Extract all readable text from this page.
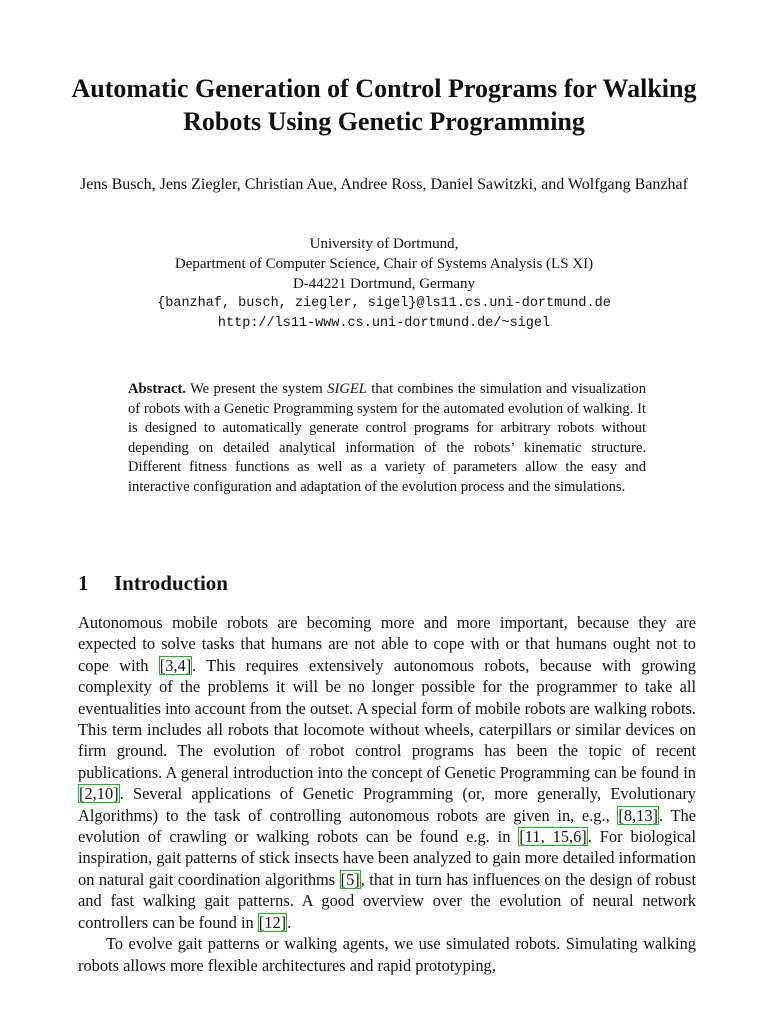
Automatic Generation of Control Programs for Walking Robots Using Genetic Programming

Jens Busch, Jens Ziegler, Christian Aue, Andree Ross, Daniel Sawitzki, and Wolfgang Banzhaf

University of Dortmund,
Department of Computer Science, Chair of Systems Analysis (LS XI)
D-44221 Dortmund, Germany
{banzhaf, busch, ziegler, sigel}@ls11.cs.uni-dortmund.de
http://ls11-www.cs.uni-dortmund.de/~sigel

Abstract. We present the system SIGEL that combines the simulation and visualization of robots with a Genetic Programming system for the automated evolution of walking. It is designed to automatically generate control programs for arbitrary robots without depending on detailed analytical information of the robots’ kinematic structure. Different fitness functions as well as a variety of parameters allow the easy and interactive configuration and adaptation of the evolution process and the simulations.

1 Introduction

Autonomous mobile robots are becoming more and more important, because they are expected to solve tasks that humans are not able to cope with or that humans ought not to cope with [3,4]. This requires extensively autonomous robots, because with growing complexity of the problems it will be no longer possible for the programmer to take all eventualities into account from the outset. A special form of mobile robots are walking robots. This term includes all robots that locomote without wheels, caterpillars or similar devices on firm ground. The evolution of robot control programs has been the topic of recent publications. A general introduction into the concept of Genetic Programming can be found in [2,10]. Several applications of Genetic Programming (or, more generally, Evolutionary Algorithms) to the task of controlling autonomous robots are given in, e.g., [8,13]. The evolution of crawling or walking robots can be found e.g. in [11, 15,6]. For biological inspiration, gait patterns of stick insects have been analyzed to gain more detailed information on natural gait coordination algorithms [5], that in turn has influences on the design of robust and fast walking gait patterns. A good overview over the evolution of neural network controllers can be found in [12].

To evolve gait patterns or walking agents, we use simulated robots. Simulating walking robots allows more flexible architectures and rapid prototyping,
